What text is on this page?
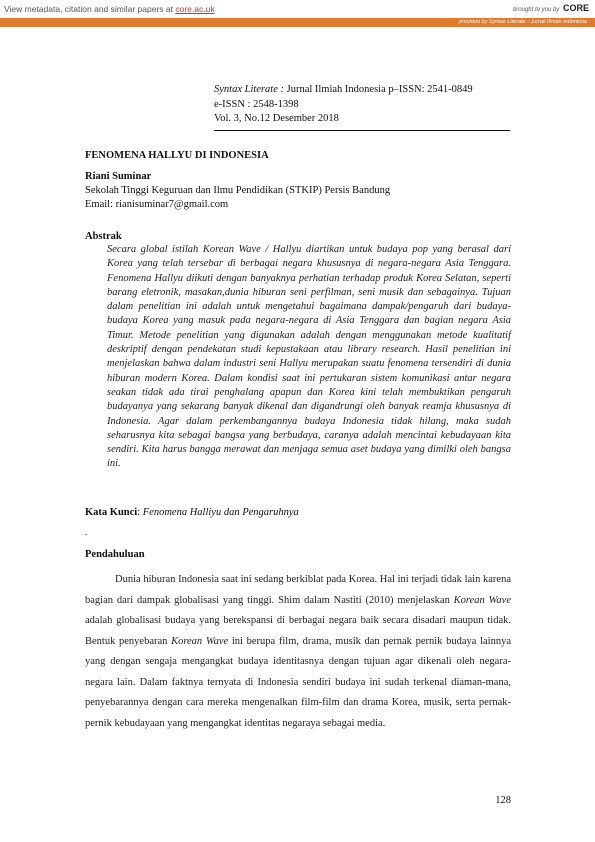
View metadata, citation and similar papers at core.ac.uk	brought to you by CORE
provided by Syntax Literate - Jurnal Ilmiah Indonesia
Syntax Literate : Jurnal Ilmiah Indonesia p–ISSN: 2541-0849
e-ISSN : 2548-1398
Vol. 3, No.12 Desember 2018
FENOMENA HALLYU DI INDONESIA
Riani Suminar
Sekolah Tinggi Keguruan dan Ilmu Pendidikan (STKIP) Persis Bandung
Email: rianisuminar7@gmail.com
Abstrak
Secara global istilah Korean Wave / Hallyu diartikan untuk budaya pop yang berasal dari Korea yang telah tersebar di berbagai negara khususnya di negara-negara Asia Tenggara. Fenomena Hallyu diikuti dengan banyaknya perhatian terhadap produk Korea Selatan, seperti barang eletronik, masakan,dunia hiburan seni perfilman, seni musik dan sebagainya. Tujuan dalam penelitian ini adalah untuk mengetahui bagaimana dampak/pengaruh dari budaya-budaya Korea yang masuk pada negara-negara di Asia Tenggara dan bagian negara Asia Timur. Metode penelitian yang digunakan adalah dengan menggunakan metode kualitatif deskriptif dengan pendekatan studi kepustakaan atau library research. Hasil penelitian ini menjelaskan bahwa dalam industri seni Hallyu merupakan suatu fenomena tersendiri di dunia hiburan modern Korea. Dalam kondisi saat ini pertukaran sistem komunikasi antar negara seakan tidak ada tirai penghalang apapun dan Korea kini telah membuktikan pengaruh budayanya yang sekarang banyak dikenal dan digandrungi oleh banyak reamja khususnya di Indonesia. Agar dalam perkembangannya budaya Indonesia tidak hilang, maka sudah seharusnya kita sebagai bangsa yang berbudaya, caranya adalah mencintai kebudayaan kita sendiri. Kita harus bangga merawat dan menjaga semua aset budaya yang dimilki oleh bangsa ini.
Kata Kunci: Fenomena Halliyu dan Pengaruhnya
.
Pendahuluan
Dunia hiburan Indonesia saat ini sedang berkiblat pada Korea. Hal ini terjadi tidak lain karena bagian dari dampak globalisasi yang tinggi. Shim dalam Nastiti (2010) menjelaskan Korean Wave adalah globalisasi budaya yang berekspansi di berbagai negara baik secara disadari maupun tidak. Bentuk penyebaran Korean Wave ini berupa film, drama, musik dan pernak pernik budaya lainnya yang dengan sengaja mengangkat budaya identitasnya dengan tujuan agar dikenali oleh negara-negara lain. Dalam faktnya ternyata di Indonesia sendiri budaya ini sudah terkenal diaman-mana, penyebarannya dengan cara mereka mengenalkan film-film dan drama Korea, musik, serta pernak-pernik kebudayaan yang mengangkat identitas negaraya sebagai media.
128
